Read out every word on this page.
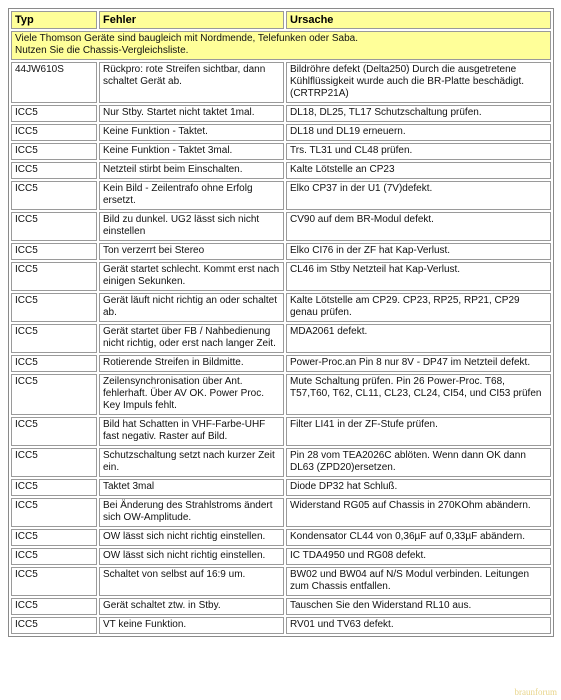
Typ	Fehler	Ursache

Viele Thomson Geräte sind baugleich mit Nordmende, Telefunken oder Saba.
Nutzen Sie die Chassis-Vergleichsliste.		

44JW610S	Rückpro: rote Streifen sichtbar, dann schaltet Gerät ab.	Bildröhre defekt (Delta250) Durch die ausgetretene Kühlflüssigkeit wurde auch die BR-Platte beschädigt. (CRTRP21A)
ICC5	Nur Stby. Startet nicht taktet 1mal.	DL18, DL25, TL17 Schutzschaltung prüfen.
ICC5	Keine Funktion - Taktet.	DL18 und DL19 erneuern.
ICC5	Keine Funktion - Taktet 3mal.	Trs. TL31 und CL48 prüfen.
ICC5	Netzteil stirbt beim Einschalten.	Kalte Lötstelle an CP23
ICC5	Kein Bild - Zeilentrafo ohne Erfolg ersetzt.	Elko CP37 in der U1 (7V)defekt.
ICC5	Bild zu dunkel. UG2 lässt sich nicht einstellen	CV90 auf dem BR-Modul defekt.
ICC5	Ton verzerrt bei Stereo	Elko CI76 in der ZF hat Kap-Verlust.
ICC5	Gerät startet schlecht. Kommt erst nach einigen Sekunken.	CL46 im Stby Netzteil hat Kap-Verlust.
ICC5	Gerät läuft nicht richtig an oder schaltet ab.	Kalte Lötstelle am CP29. CP23, RP25, RP21, CP29 genau prüfen.
ICC5	Gerät startet über FB / Nahbedienung nicht richtig, oder erst nach langer Zeit.	MDA2061 defekt.
ICC5	Rotierende Streifen in Bildmitte.	Power-Proc.an Pin 8 nur 8V - DP47 im Netzteil defekt.
ICC5	Zeilensynchronisation über Ant. fehlerhaft. Über AV OK. Power Proc. Key Impuls fehlt.	Mute Schaltung prüfen. Pin 26 Power-Proc. T68, T57,T60, T62, CL11, CL23, CL24, CI54, und CI53 prüfen
ICC5	Bild hat Schatten in VHF-Farbe-UHF fast negativ. Raster auf Bild.	Filter LI41 in der ZF-Stufe prüfen.
ICC5	Schutzschaltung setzt nach kurzer Zeit ein.	Pin 28 vom TEA2026C ablöten. Wenn dann OK dann DL63 (ZPD20)ersetzen.
ICC5	Taktet 3mal	Diode DP32 hat Schluß.
ICC5	Bei Änderung des Strahlstroms ändert sich OW-Amplitude.	Widerstand RG05 auf Chassis in 270KOhm abändern.
ICC5	OW lässt sich nicht richtig einstellen.	Kondensator CL44 von 0,36µF auf 0,33µF abändern.
ICC5	OW lässt sich nicht richtig einstellen.	IC TDA4950 und RG08 defekt.
ICC5	Schaltet von selbst auf 16:9 um.	BW02 und BW04 auf N/S Modul verbinden. Leitungen zum Chassis entfallen.
ICC5	Gerät schaltet ztw. in Stby.	Tauschen Sie den Widerstand RL10 aus.
ICC5	VT keine Funktion.	RV01 und TV63 defekt.
braunforum
